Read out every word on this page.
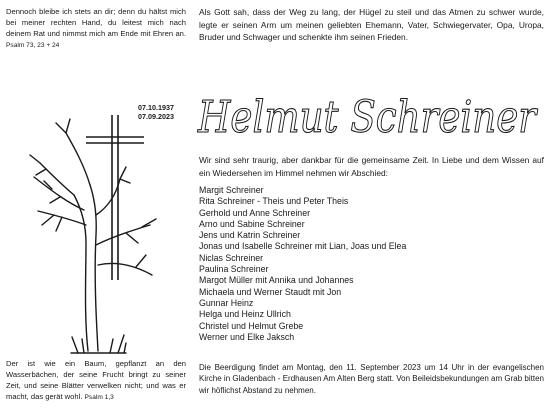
Dennoch bleibe ich stets an dir; denn du hältst mich bei meiner rechten Hand, du leitest mich nach deinem Rat und nimmst mich am Ende mit Ehren an. Psalm 73, 23 + 24
Als Gott sah, dass der Weg zu lang, der Hügel zu steil und das Atmen zu schwer wurde, legte er seinen Arm um meinen geliebten Ehemann, Vater, Schwiegervater, Opa, Uropa, Bruder und Schwager und schenkte ihm seinen Frieden.
07.10.1937
07.09.2023 Helmut Schreiner
Wir sind sehr traurig, aber dankbar für die gemeinsame Zeit. In Liebe und dem Wissen auf ein Wiedersehen im Himmel nehmen wir Abschied:
Margit Schreiner
Rita Schreiner - Theis und Peter Theis
Gerhold und Anne Schreiner
Arno und Sabine Schreiner
Jens und Katrin Schreiner
Jonas und Isabelle Schreiner mit Lian, Joas und Elea
Niclas Schreiner
Paulina Schreiner
Margot Müller mit Annika und Johannes
Michaela und Werner Staudt mit Jon
Gunnar Heinz
Helga und Heinz Ullrich
Christel und Helmut Grebe
Werner und Elke Jaksch
Der ist wie ein Baum, gepflanzt an den Wasserbächen, der seine Frucht bringt zu seiner Zeit, und seine Blätter verwelken nicht; und was er macht, das gerät wohl. Psalm 1,3
Die Beerdigung findet am Montag, den 11. September 2023 um 14 Uhr in der evangelischen Kirche in Gladenbach - Erdhausen Am Alten Berg statt. Von Beileidsbekundungen am Grab bitten wir höflichst Abstand zu nehmen.
